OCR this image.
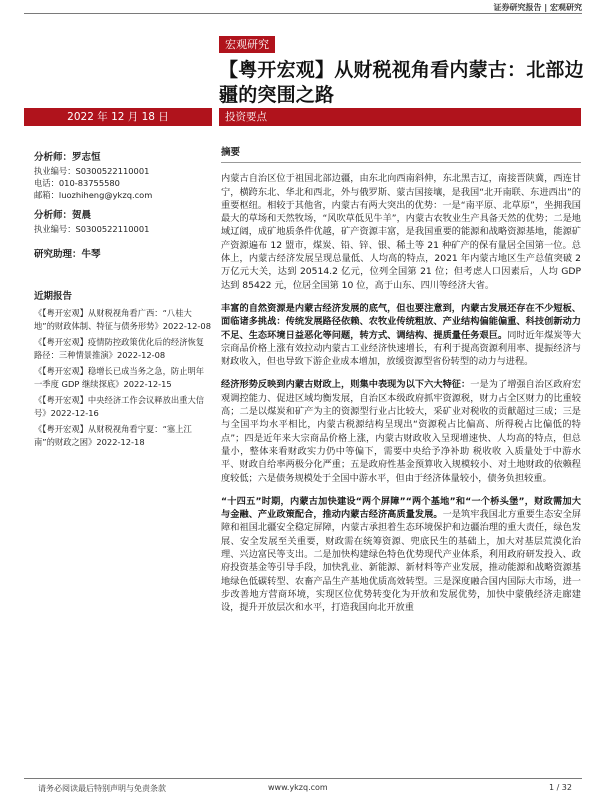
证券研究报告 | 宏观研究
宏观研究
【粤开宏观】从财税视角看内蒙古：北部边疆的突围之路
2022 年 12 月 18 日	投资要点
分析师：罗志恒
执业编号：S0300522110001
电话：010-83755580
邮箱：luozhiheng@ykzq.com
分析师：贺晨
执业编号：S0300522110001
研究助理：牛琴
近期报告
《【粤开宏观】从财税视角看广西：“八桂大地”的财政体制、特征与债务形势》2022-12-08
《【粤开宏观】疫情防控政策优化后的经济恢复路径：三种情景推演》2022-12-08
《【粤开宏观】稳增长已成当务之急，防止明年一季度 GDP 继续探底》2022-12-15
《【粤开宏观】中央经济工作会议释放出重大信号》2022-12-16
《【粤开宏观】从财税视角看宁夏：“塞上江南”的财政之困》2022-12-18
摘要

内蒙古自治区位于祖国北部边疆，由东北向西南斜伸，东北黑吉辽，南接晋陕冀，西连甘宁，横跨东北、华北和西北，外与俄罗斯、蒙古国接壤，是我国“北开南联、东进西出”的重要枢纽。相较于其他省，内蒙古有两大突出的优势：一是“南平原、北草原”，坐拥我国最大的草场和天然牧场，“风吹草低见牛羊”，内蒙古农牧业生产具备天然的优势；二是地域辽阔，成矿地质条件优越，矿产资源丰富，是我国重要的能源和战略资源基地，能源矿产资源遍布 12 盟市，煤炭、铅、锌、银、稀土等 21 种矿产的保有量居全国第一位。总体上，内蒙古经济发展呈现总量低、人均高的特点，2021 年内蒙古地区生产总值突破 2 万亿元大关，达到 20514.2 亿元，位列全国第 21 位；但考虑人口因素后，人均 GDP 达到 85422 元，位居全国第 10 位，高于山东、四川等经济大省。

丰富的自然资源是内蒙古经济发展的底气，但也要注意到，内蒙古发展还存在不少短板、面临诸多挑战：传统发展路径依赖、农牧业传统粗放、产业结构偏能偏重、科技创新动力不足、生态环境日益恶化等问题，转方式、调结构、提质量任务艰巨。同时近年煤炭等大宗商品价格上涨有效拉动内蒙古工业经济快速增长，有利于提高资源利用率、提振经济与财政收入，但也导致下游企业成本增加，放缓资源型省份转型的动力与进程。

经济形势反映到内蒙古财政上，则集中表现为以下六大特征：一是为了增强自治区政府宏观调控能力、促进区域均衡发展，自治区本级政府抓牢资源税，财力占全区财力的比重较高；二是以煤炭和矿产为主的资源型行业占比较大，采矿业对税收的贡献超过三成；三是与全国平均水平相比，内蒙古税源结构呈现出“资源税占比偏高、所得税占比偏低的特点”；四是近年来大宗商品价格上涨，内蒙古财政收入呈现增速快、人均高的特点，但总量小，整体来看财政实力仍中等偏下，需要中央给予净补助 税收收 入质量处于中游水平、财政自给率两极分化严重；五是政府性基金预算收入规模较小、对土地财政的依赖程度较低；六是债务规模处于全国中游水平，但由于经济体量较小，债务负担较重。

“十四五”时期，内蒙古加快建设“两个屏障”“两个基地”和“一个桥头堡”，财政需加大与金融、产业政策配合，推动内蒙古经济高质量发展。一是筑牢我国北方重要生态安全屏障和祖国北疆安全稳定屏障，内蒙古承担着生态环境保护和边疆治理的重大责任，绿色发展、安全发展至关重要，财政需在统筹资源、兜底民生的基础上，加大对基层荒漠化治理、兴边富民等支出。二是加快构建绿色特色优势现代产业体系，利用政府研发投入、政府投资基金等引导手段，加快乳业、新能源、新材料等产业发展，推动能源和战略资源基地绿色低碳转型、农畜产品生产基地优质高效转型。三是深度融合国内国际大市场，进一步改善地方营商环境，实现区位优势转变化为开放和发展优势，加快中蒙俄经济走廊建设，提升开放层次和水平，打造我国向北开放重

请务必阅读最后特别声明与免责条款	www.ykzq.com	1 / 32
